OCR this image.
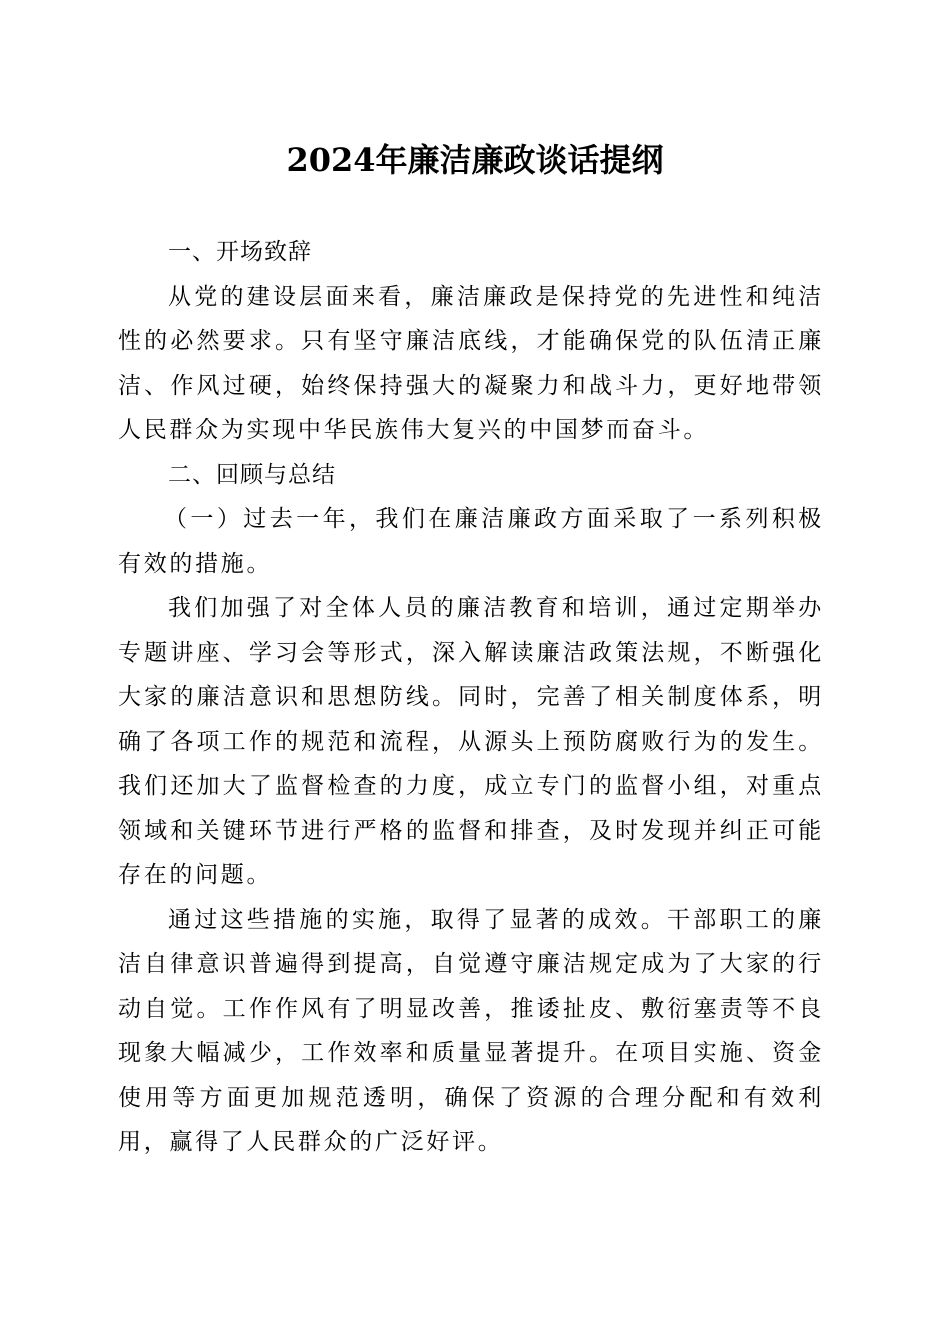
2024年廉洁廉政谈话提纲

一、开场致辞

从党的建设层面来看，廉洁廉政是保持党的先进性和纯洁性的必然要求。只有坚守廉洁底线，才能确保党的队伍清正廉洁、作风过硬，始终保持强大的凝聚力和战斗力，更好地带领人民群众为实现中华民族伟大复兴的中国梦而奋斗。

二、回顾与总结

（一）过去一年，我们在廉洁廉政方面采取了一系列积极有效的措施。

我们加强了对全体人员的廉洁教育和培训，通过定期举办专题讲座、学习会等形式，深入解读廉洁政策法规，不断强化大家的廉洁意识和思想防线。同时，完善了相关制度体系，明确了各项工作的规范和流程，从源头上预防腐败行为的发生。我们还加大了监督检查的力度，成立专门的监督小组，对重点领域和关键环节进行严格的监督和排查，及时发现并纠正可能存在的问题。

通过这些措施的实施，取得了显著的成效。干部职工的廉洁自律意识普遍得到提高，自觉遵守廉洁规定成为了大家的行动自觉。工作作风有了明显改善，推诿扯皮、敷衍塞责等不良现象大幅减少，工作效率和质量显著提升。在项目实施、资金使用等方面更加规范透明，确保了资源的合理分配和有效利用，赢得了人民群众的广泛好评。
